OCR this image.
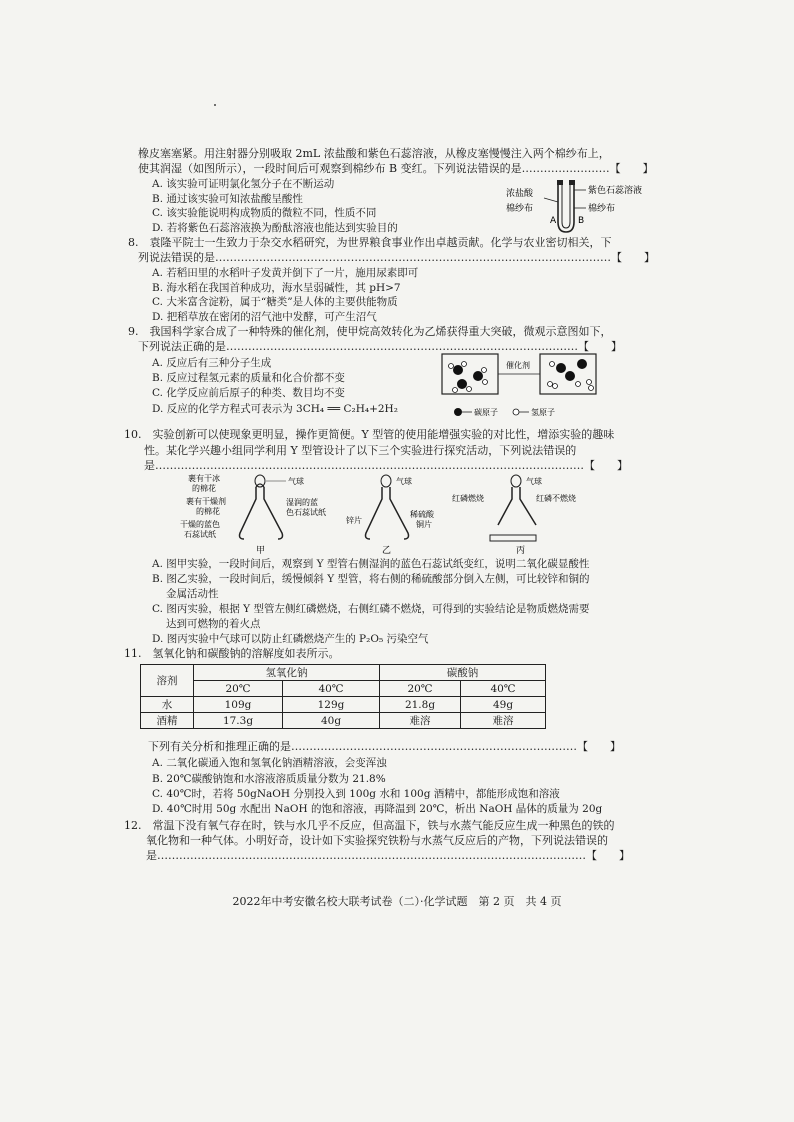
橡皮塞塞紧。用注射器分别吸取 2mL 浓盐酸和紫色石蕊溶液，从橡皮塞慢慢注入两个棉纱布上，
使其润湿（如图所示），一段时间后可观察到棉纱布 B 变红。下列说法错误的是……………………【　　】
A. 该实验可证明氯化氢分子在不断运动
B. 通过该实验可知浓盐酸呈酸性
C. 该实验能说明构成物质的微粒不同，性质不同
D. 若将紫色石蕊溶液换为酚酞溶液也能达到实验目的
浓盐酸
棉纱布
A
紫色石蕊溶液
棉纱布
B
8.　袁隆平院士一生致力于杂交水稻研究，为世界粮食事业作出卓越贡献。化学与农业密切相关，下
列说法错误的是………………………………………………………………………………………………【　　】
A. 若稻田里的水稻叶子发黄并倒下了一片，施用尿素即可
B. 海水稻在我国首种成功，海水呈弱碱性，其 pH>7
C. 大米富含淀粉，属于“糖类”是人体的主要供能物质
D. 把稻草放在密闭的沼气池中发酵，可产生沼气
9.　我国科学家合成了一种特殊的催化剂，使甲烷高效转化为乙烯获得重大突破，微观示意图如下，
下列说法正确的是……………………………………………………………………………………【　　】
A. 反应后有三种分子生成
B. 反应过程氢元素的质量和化合价都不变
C. 化学反应前后原子的种类、数目均不变
D. 反应的化学方程式可表示为 3CH₄ ══ C₂H₄+2H₂
催化剂
碳原子	氢原子
10.　实验创新可以使现象更明显，操作更简便。Y 型管的使用能增强实验的对比性，增添实验的趣味
性。某化学兴趣小组同学利用 Y 型管设计了以下三个实验进行探究活动，下列说法错误的
是………………………………………………………………………………………………………【　　】
气球
裹有干冰
的棉花
裹有干燥剂
的棉花
干燥的蓝色
石蕊试纸
湿润的蓝
色石蕊试纸
甲
气球
锌片
稀硫酸
铜片
乙
气球
红磷燃烧	红磷不燃烧
丙
A. 图甲实验，一段时间后，观察到 Y 型管右侧湿润的蓝色石蕊试纸变红，说明二氧化碳显酸性
B. 图乙实验，一段时间后，缓慢倾斜 Y 型管，将右侧的稀硫酸部分倒入左侧，可比较锌和铜的
金属活动性
C. 图丙实验，根据 Y 型管左侧红磷燃烧，右侧红磷不燃烧，可得到的实验结论是物质燃烧需要
达到可燃物的着火点
D. 图丙实验中气球可以防止红磷燃烧产生的 P₂O₅ 污染空气
11.　氢氧化钠和碳酸钠的溶解度如表所示。
溶剂	氢氧化钠		碳酸钠	
	20℃	40℃	20℃	40℃
水	109g	129g	21.8g	49g
酒精	17.3g	40g	难溶	难溶
下列有关分析和推理正确的是……………………………………………………………………【　　】
A. 二氧化碳通入饱和氢氧化钠酒精溶液，会变浑浊
B. 20℃碳酸钠饱和水溶液溶质质量分数为 21.8%
C. 40℃时，若将 50gNaOH 分别投入到 100g 水和 100g 酒精中，都能形成饱和溶液
D. 40℃时用 50g 水配出 NaOH 的饱和溶液，再降温到 20℃，析出 NaOH 晶体的质量为 20g
12.　常温下没有氧气存在时，铁与水几乎不反应，但高温下，铁与水蒸气能反应生成一种黑色的铁的
氧化物和一种气体。小明好奇，设计如下实验探究铁粉与水蒸气反应后的产物，下列说法错误的
是………………………………………………………………………………………………………【　　】
2022年中考安徽名校大联考试卷（二）·化学试题　第 2 页　共 4 页
